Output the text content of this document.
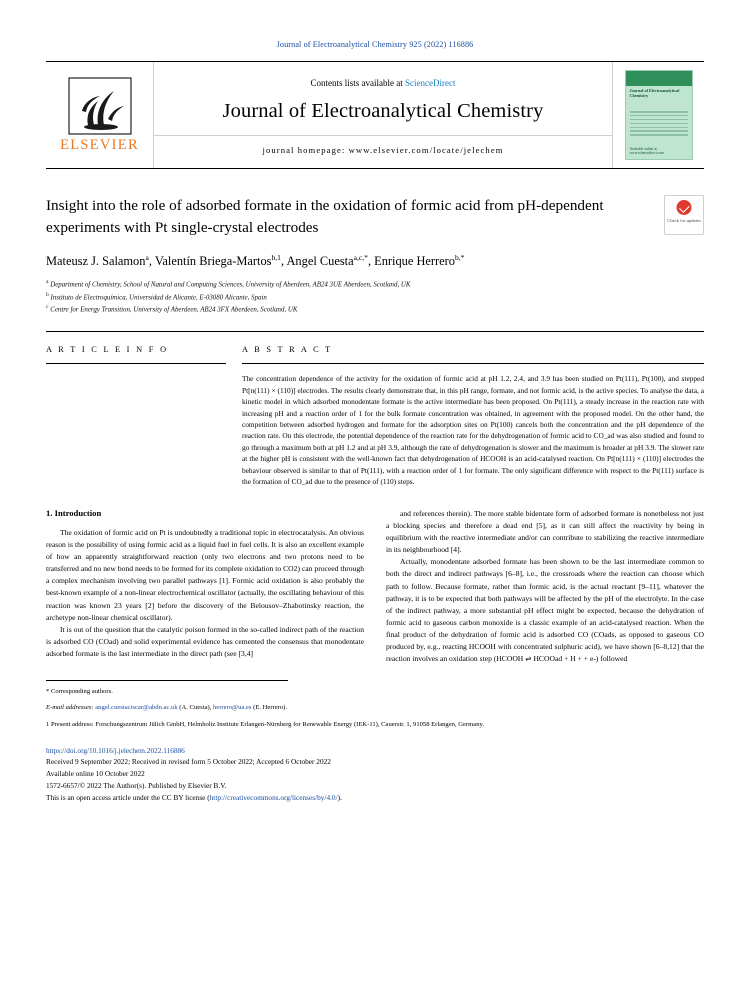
Journal of Electroanalytical Chemistry 925 (2022) 116886
ELSEVIER
Contents lists available at ScienceDirect
Journal of Electroanalytical Chemistry
journal homepage: www.elsevier.com/locate/jelechem
Journal of Electroanalytical Chemistry
Available online at www.sciencedirect.com
Insight into the role of adsorbed formate in the oxidation of formic acid from pH-dependent experiments with Pt single-crystal electrodes	Check for updates
Mateusz J. Salamon$^a$, Valentín Briega-Martos$^{b,1}$, Angel Cuesta$^{a,c,*}$, Enrique Herrero$^{b,*}$
$^a$ Department of Chemistry, School of Natural and Computing Sciences, University of Aberdeen, AB24 3UE Aberdeen, Scotland, UK
$^b$ Instituto de Electroquímica, Universidad de Alicante, E-03080 Alicante, Spain
$^c$ Centre for Energy Transition, University of Aberdeen, AB24 3FX Aberdeen, Scotland, UK
A R T I C L E I N F O	A B S T R A C T
The concentration dependence of the activity for the oxidation of formic acid at pH 1.2, 2.4, and 3.9 has been studied on Pt(111), Pt(100), and stepped Pt[n(111) × (110)] electrodes. The results clearly demonstrate that, in this pH range, formate, and not formic acid, is the active species. To analyse the data, a kinetic model in which adsorbed monodentate formate is the active intermediate has been proposed. On Pt(111), a steady increase in the reaction rate with increasing pH and a reaction order of 1 for the bulk formate concentration was obtained, in agreement with the proposed model. On the other hand, the competition between adsorbed hydrogen and formate for the adsorption sites on Pt(100) cancels both the concentration and the pH dependence of the reaction rate. On this electrode, the potential dependence of the reaction rate for the dehydrogenation of formic acid to CO_ad was also studied and found to go through a maximum both at pH 1.2 and at pH 3.9, although the rate of dehydrogenation is slower and the maximum is broader at pH 3.9. The slower rate at the higher pH is consistent with the well-known fact that dehydrogenation of HCOOH is an acid-catalysed reaction. On Pt[n(111) × (110)] electrodes the behaviour observed is similar to that of Pt(111), with a reaction order of 1 for formate. The only significant difference with respect to the Pt(111) surface is the formation of CO_ad due to the presence of (110) steps.
1. Introduction

The oxidation of formic acid on Pt is undoubtedly a traditional topic in electrocatalysis. An obvious reason is the possibility of using formic acid as a liquid fuel in fuel cells. It is also an excellent example of how an apparently straightforward reaction (only two electrons and two protons need to be transferred and no new bond needs to be formed for its complete oxidation to CO2) can proceed through a complex mechanism involving two parallel pathways [1]. Formic acid oxidation is also probably the best-known example of a non-linear electrochemical oscillator (actually, the oscillating behaviour of this reaction was known 23 years [2] before the discovery of the Belousov–Zhabotinsky reaction, the archetype non-linear chemical oscillator).

It is out of the question that the catalytic poison formed in the so-called indirect path of the reaction is adsorbed CO (COad) and solid experimental evidence has cemented the consensus that monodentate adsorbed formate is the last intermediate in the direct path (see [3,4]

and references therein). The more stable bidentate form of adsorbed formate is nonetheless not just a blocking species and therefore a dead end [5], as it can still affect the reactivity by being in equilibrium with the reactive intermediate and/or can contribute to stabilizing the reactive intermediate in its neighbourhood [4].

Actually, monodentate adsorbed formate has been shown to be the last intermediate common to both the direct and indirect pathways [6–8], i.e., the crossroads where the reaction can choose which path to follow. Because formate, rather than formic acid, is the actual reactant [9–11], whatever the pathway, it is to be expected that both pathways will be affected by the pH of the electrolyte. In the case of the indirect pathway, a more substantial pH effect might be expected, because the dehydration of formic acid to gaseous carbon monoxide is a classic example of an acid-catalysed reaction. When the final product of the dehydration of formic acid is adsorbed CO (COads, as opposed to gaseous CO produced by, e.g., reacting HCOOH with concentrated sulphuric acid), we have shown [6–8,12] that the reaction involves an oxidation step (HCOOH ⇌ HCOOad + H + + e-) followed

* Corresponding authors.
E-mail addresses: angel.cuestaciscar@abdn.ac.uk (A. Cuesta), herrero@ua.es (E. Herrero).
1 Present address: Forschungszentrum Jülich GmbH, Helmholtz Institute Erlangen-Nürnberg for Renewable Energy (IEK-11), Cauerstr. 1, 91058 Erlangen, Germany.
https://doi.org/10.1016/j.jelechem.2022.116886
Received 9 September 2022; Received in revised form 5 October 2022; Accepted 6 October 2022
Available online 10 October 2022
1572-6657/© 2022 The Author(s). Published by Elsevier B.V.
This is an open access article under the CC BY license (http://creativecommons.org/licenses/by/4.0/).
